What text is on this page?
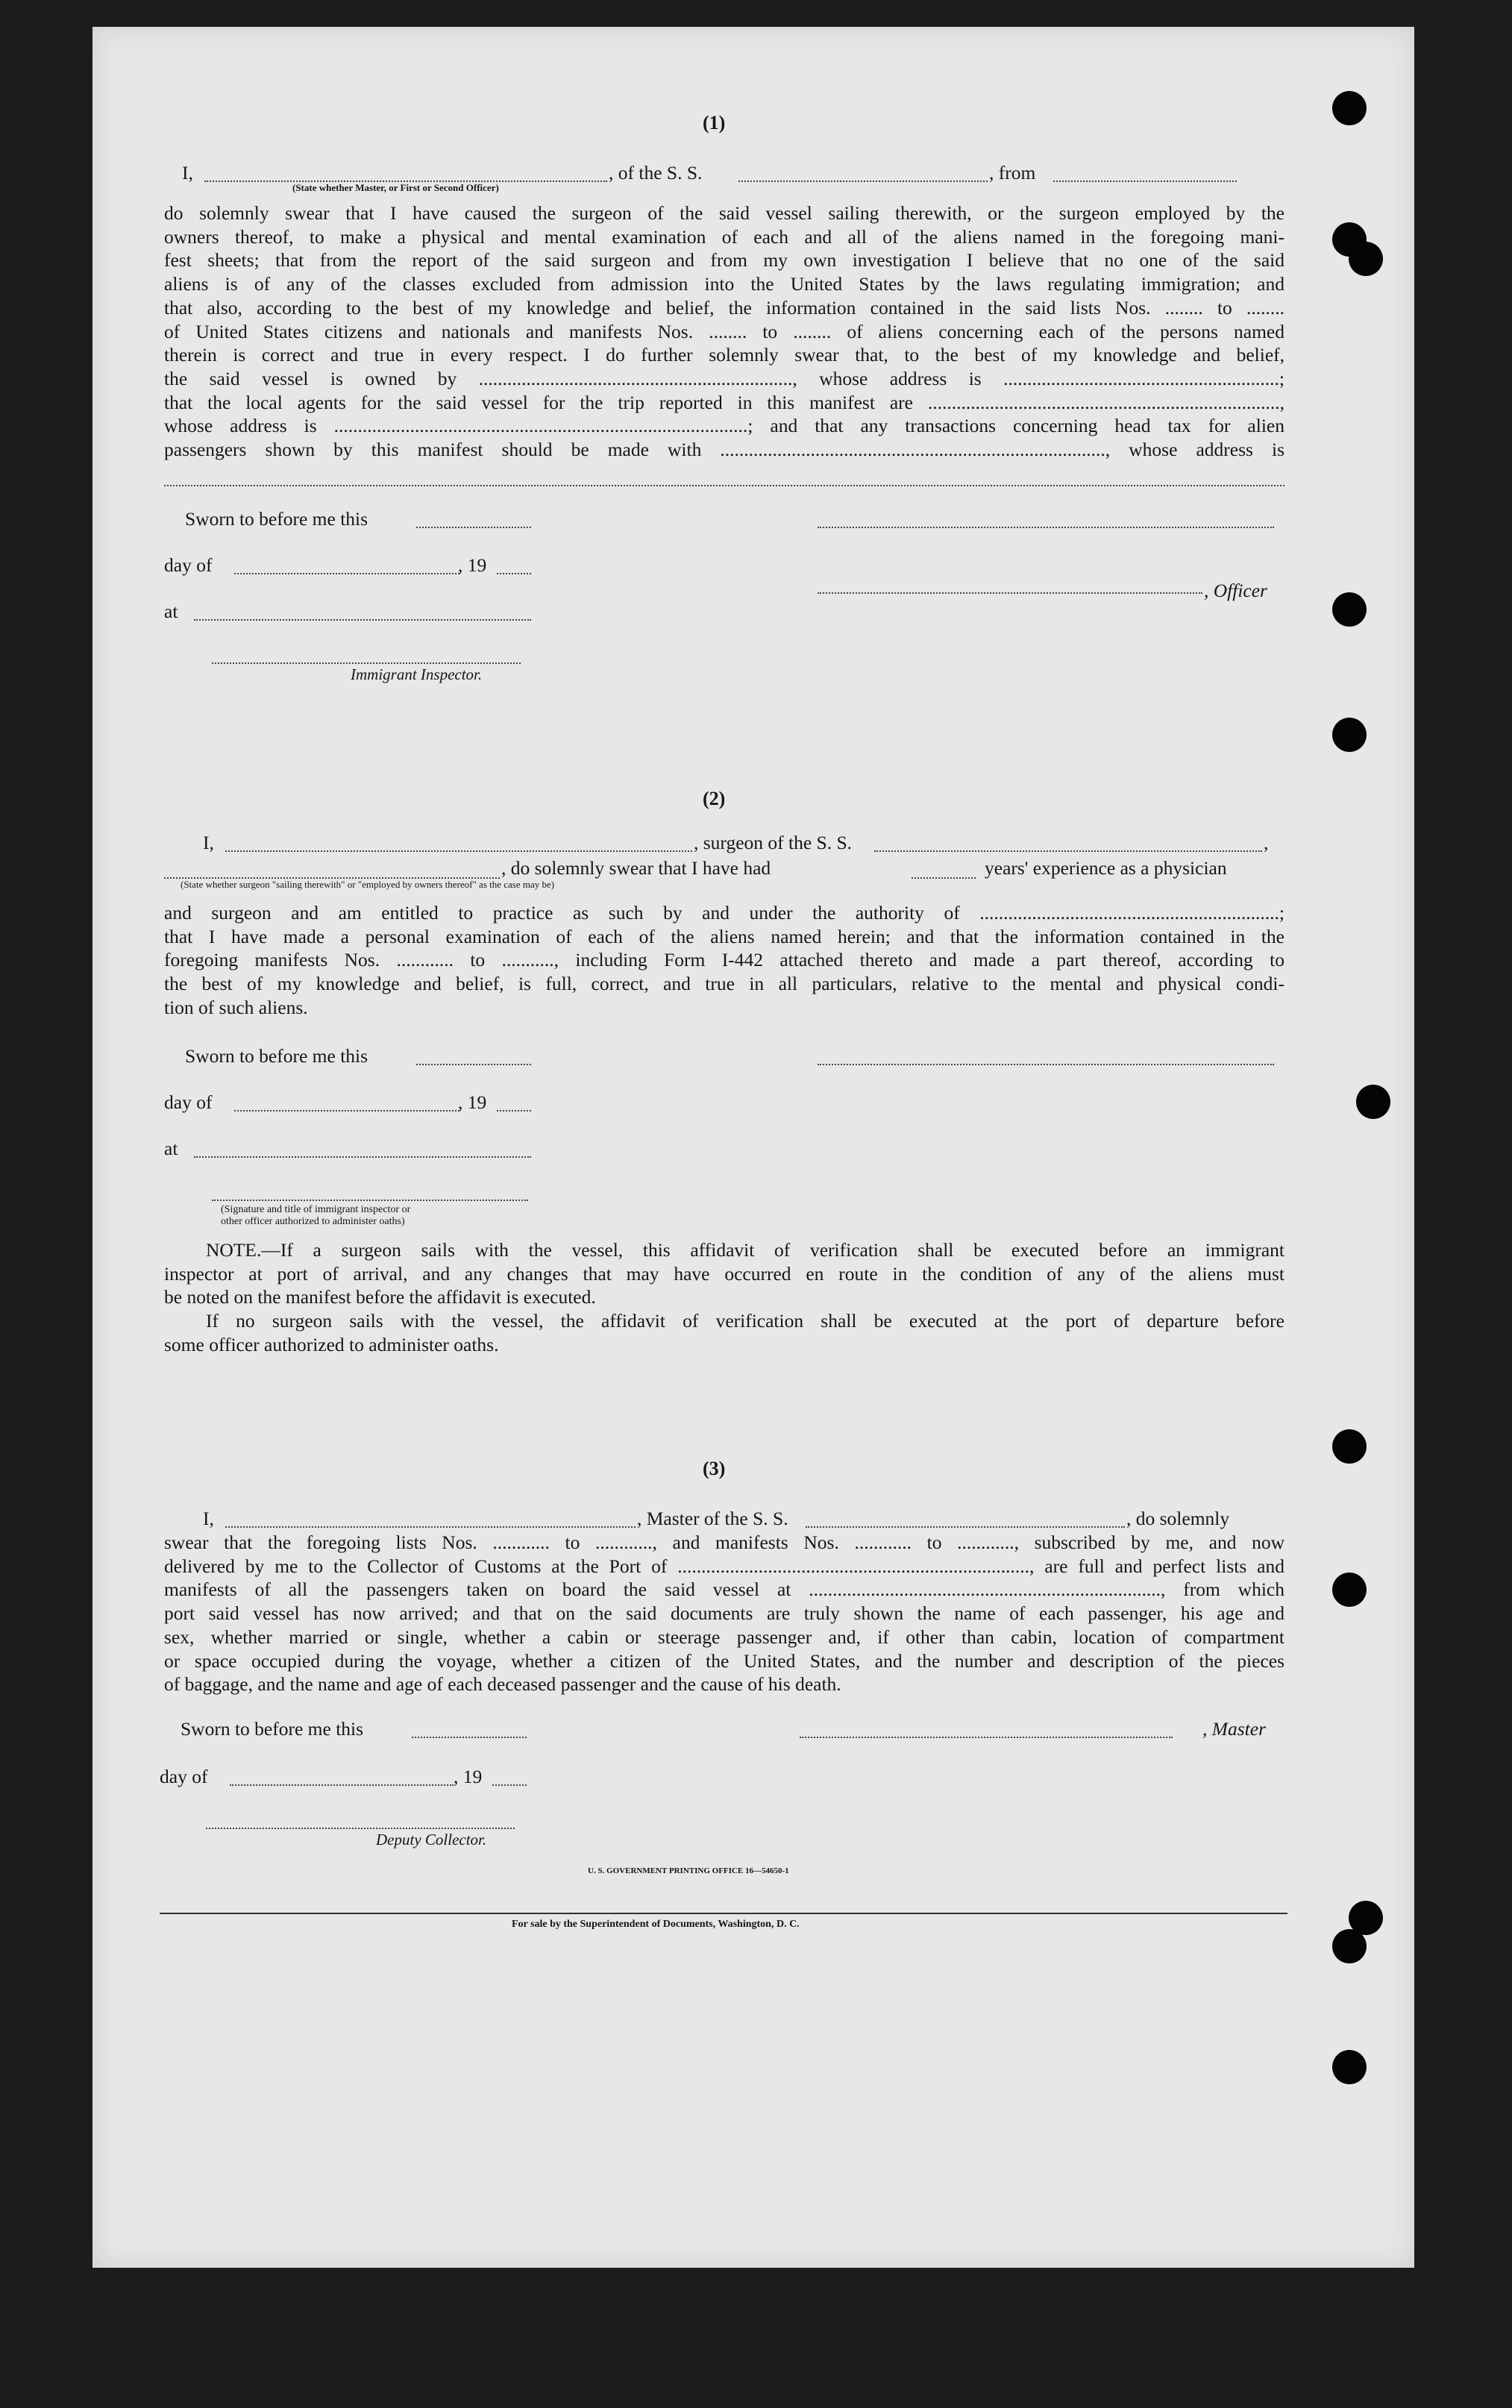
(1)
I,	, of the S. S.	, from
(State whether Master, or First or Second Officer)
do solemnly swear that I have caused the surgeon of the said vessel sailing therewith, or the surgeon employed by the
owners thereof, to make a physical and mental examination of each and all of the aliens named in the foregoing mani-
fest sheets; that from the report of the said surgeon and from my own investigation I believe that no one of the said
aliens is of any of the classes excluded from admission into the United States by the laws regulating immigration; and
that also, according to the best of my knowledge and belief, the information contained in the said lists Nos. ........ to ........
of United States citizens and nationals and manifests Nos. ........ to ........ of aliens concerning each of the persons named
therein is correct and true in every respect. I do further solemnly swear that, to the best of my knowledge and belief,
the said vessel is owned by .................................................................., whose address is ..........................................................;
that the local agents for the said vessel for the trip reported in this manifest are ..........................................................................,
whose address is .......................................................................................; and that any transactions concerning head tax for alien
passengers shown by this manifest should be made with ................................................................................., whose address is
Sworn to before me this
day of	, 19
, Officer
at
Immigrant Inspector.
(2)
I,	, surgeon of the S. S.	,
, do solemnly swear that I have had	years' experience as a physician
(State whether surgeon "sailing therewith" or "employed by owners thereof" as the case may be)
and surgeon and am entitled to practice as such by and under the authority of ...............................................................;
that I have made a personal examination of each of the aliens named herein; and that the information contained in the
foregoing manifests Nos. ............ to ..........., including Form I-442 attached thereto and made a part thereof, according to
the best of my knowledge and belief, is full, correct, and true in all particulars, relative to the mental and physical condi-
tion of such aliens.
Sworn to before me this
day of	, 19
at
(Signature and title of immigrant inspector or
other officer authorized to administer oaths)
NOTE.—If a surgeon sails with the vessel, this affidavit of verification shall be executed before an immigrant
inspector at port of arrival, and any changes that may have occurred en route in the condition of any of the aliens must
be noted on the manifest before the affidavit is executed.
If no surgeon sails with the vessel, the affidavit of verification shall be executed at the port of departure before
some officer authorized to administer oaths.
(3)
I,	, Master of the S. S.	, do solemnly
swear that the foregoing lists Nos. ............ to ............, and manifests Nos. ............ to ............, subscribed by me, and now
delivered by me to the Collector of Customs at the Port of .........................................................................., are full and perfect lists and
manifests of all the passengers taken on board the said vessel at .........................................................................., from which
port said vessel has now arrived; and that on the said documents are truly shown the name of each passenger, his age and
sex, whether married or single, whether a cabin or steerage passenger and, if other than cabin, location of compartment
or space occupied during the voyage, whether a citizen of the United States, and the number and description of the pieces
of baggage, and the name and age of each deceased passenger and the cause of his death.
Sworn to before me this	, Master
day of	, 19
Deputy Collector.
U. S. GOVERNMENT PRINTING OFFICE 16—54650-1
For sale by the Superintendent of Documents, Washington, D. C.
